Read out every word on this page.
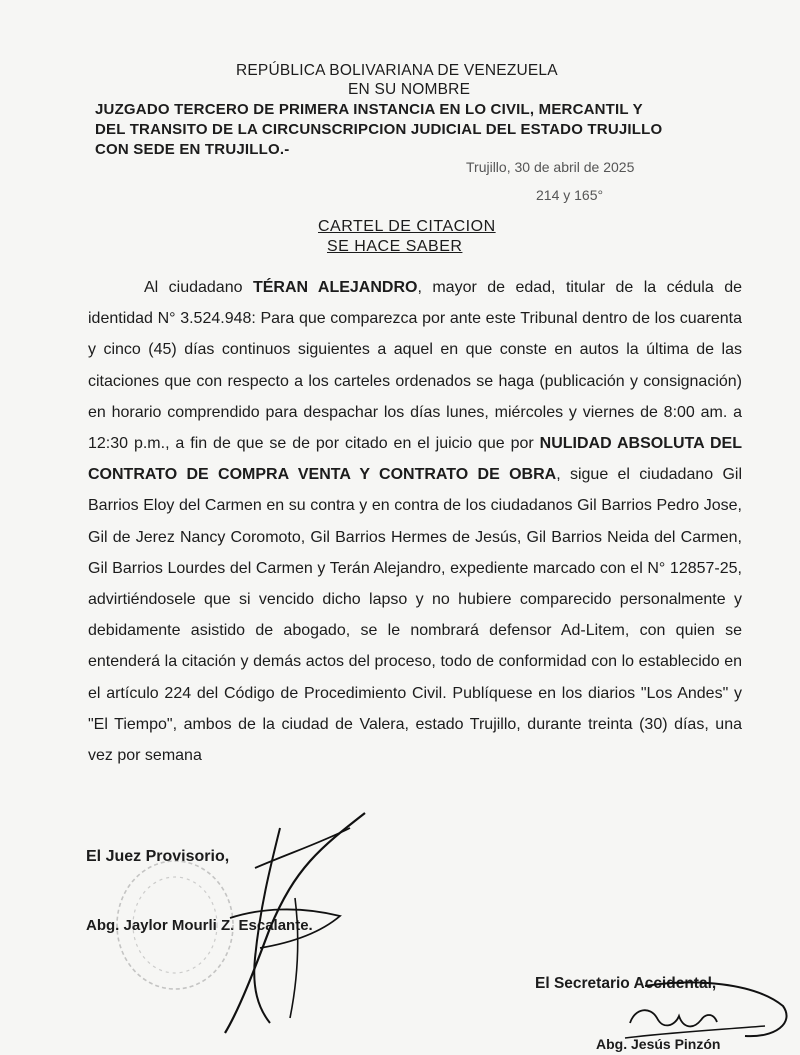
REPÚBLICA BOLIVARIANA DE VENEZUELA
EN SU NOMBRE
JUZGADO TERCERO DE PRIMERA INSTANCIA EN LO CIVIL, MERCANTIL Y
DEL TRANSITO DE LA CIRCUNSCRIPCION JUDICIAL DEL ESTADO TRUJILLO
CON SEDE EN TRUJILLO.-
Trujillo, 30 de abril de 2025
214 y 165°
CARTEL DE CITACION
SE HACE SABER
Al ciudadano TÉRAN ALEJANDRO, mayor de edad, titular de la cédula de identidad N° 3.524.948: Para que comparezca por ante este Tribunal dentro de los cuarenta y cinco (45) días continuos siguientes a aquel en que conste en autos la última de las citaciones que con respecto a los carteles ordenados se haga (publicación y consignación) en horario comprendido para despachar los días lunes, miércoles y viernes de 8:00 am. a 12:30 p.m., a fin de que se de por citado en el juicio que por NULIDAD ABSOLUTA DEL CONTRATO DE COMPRA VENTA Y CONTRATO DE OBRA, sigue el ciudadano Gil Barrios Eloy del Carmen en su contra y en contra de los ciudadanos Gil Barrios Pedro Jose, Gil de Jerez Nancy Coromoto, Gil Barrios Hermes de Jesús, Gil Barrios Neida del Carmen, Gil Barrios Lourdes del Carmen y Terán Alejandro, expediente marcado con el N° 12857-25, advirtiéndosele que si vencido dicho lapso y no hubiere comparecido personalmente y debidamente asistido de abogado, se le nombrará defensor Ad-Litem, con quien se entenderá la citación y demás actos del proceso, todo de conformidad con lo establecido en el artículo 224 del Código de Procedimiento Civil. Publíquese en los diarios "Los Andes" y "El Tiempo", ambos de la ciudad de Valera, estado Trujillo, durante treinta (30) días, una vez por semana
El Juez Provisorio,
Abg. Jaylor Mourli Z. Escalante.
El Secretario Accidental,
Abg. Jesús Pinzón
